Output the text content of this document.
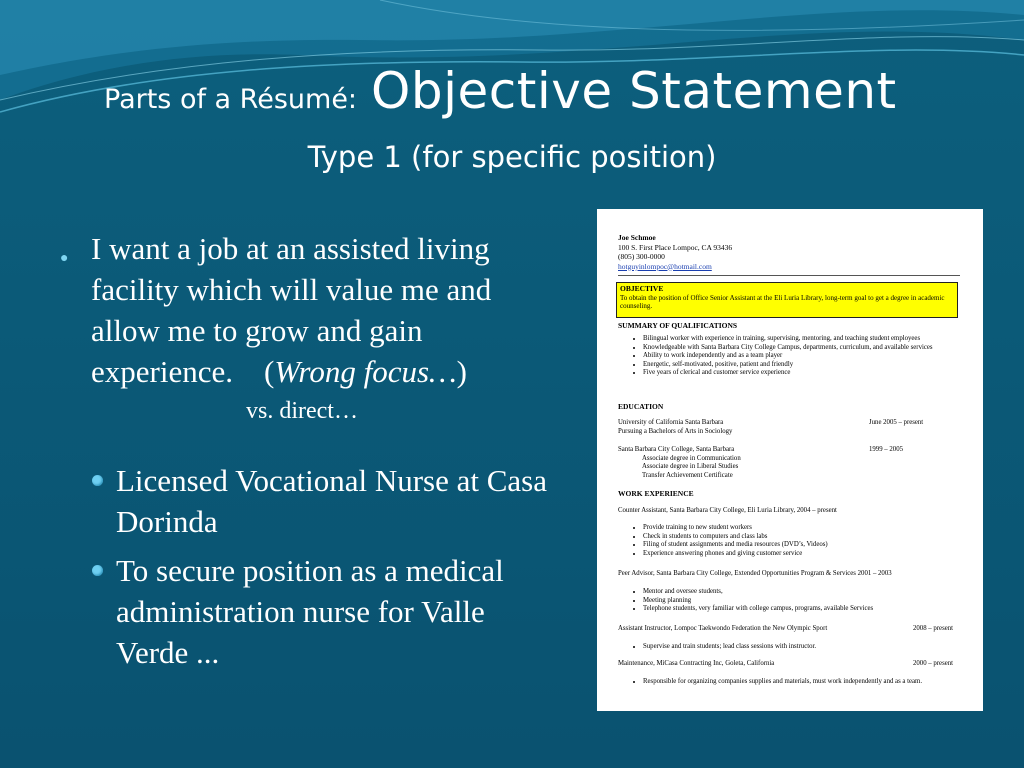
Parts of a Résumé: Objective Statement
Type 1 (for specific position)
● I want a job at an assisted living facility which will value me and allow me to grow and gain experience. (Wrong focus…)
vs. direct…
Licensed Vocational Nurse at Casa Dorinda
To secure position as a medical administration nurse for Valle Verde ...
Joe Schmoe
100 S. First Place Lompoc, CA 93436
(805) 300-0000
hotguyinlompoc@hotmail.com
OBJECTIVE
To obtain the position of Office Senior Assistant at the Eli Luria Library, long-term goal to get a degree in academic counseling.
SUMMARY OF QUALIFICATIONS
• Bilingual worker with experience in training, supervising, mentoring, and teaching student employees
• Knowledgeable with Santa Barbara City College Campus, departments, curriculum, and available services
• Ability to work independently and as a team player
• Energetic, self-motivated, positive, patient and friendly
• Five years of clerical and customer service experience
EDUCATION
University of California Santa Barbara	June 2005 – present
Pursuing a Bachelors of Arts in Sociology
Santa Barbara City College, Santa Barbara	1999 – 2005
Associate degree in Communication
Associate degree in Liberal Studies
Transfer Achievement Certificate
WORK EXPERIENCE
Counter Assistant, Santa Barbara City College, Eli Luria Library, 2004 – present
• Provide training to new student workers
• Check in students to computers and class labs
• Filing of student assignments and media resources (DVD’s, Videos)
• Experience answering phones and giving customer service
Peer Advisor, Santa Barbara City College, Extended Opportunities Program & Services 2001 – 2003
• Mentor and oversee students,
• Meeting planning
• Telephone students, very familiar with college campus, programs, available Services
Assistant Instructor, Lompoc Taekwondo Federation the New Olympic Sport	2008 – present
• Supervise and train students; lead class sessions with instructor.
Maintenance, MiCasa Contracting Inc, Goleta, California	2000 – present
• Responsible for organizing companies supplies and materials, must work independently and as a team.
